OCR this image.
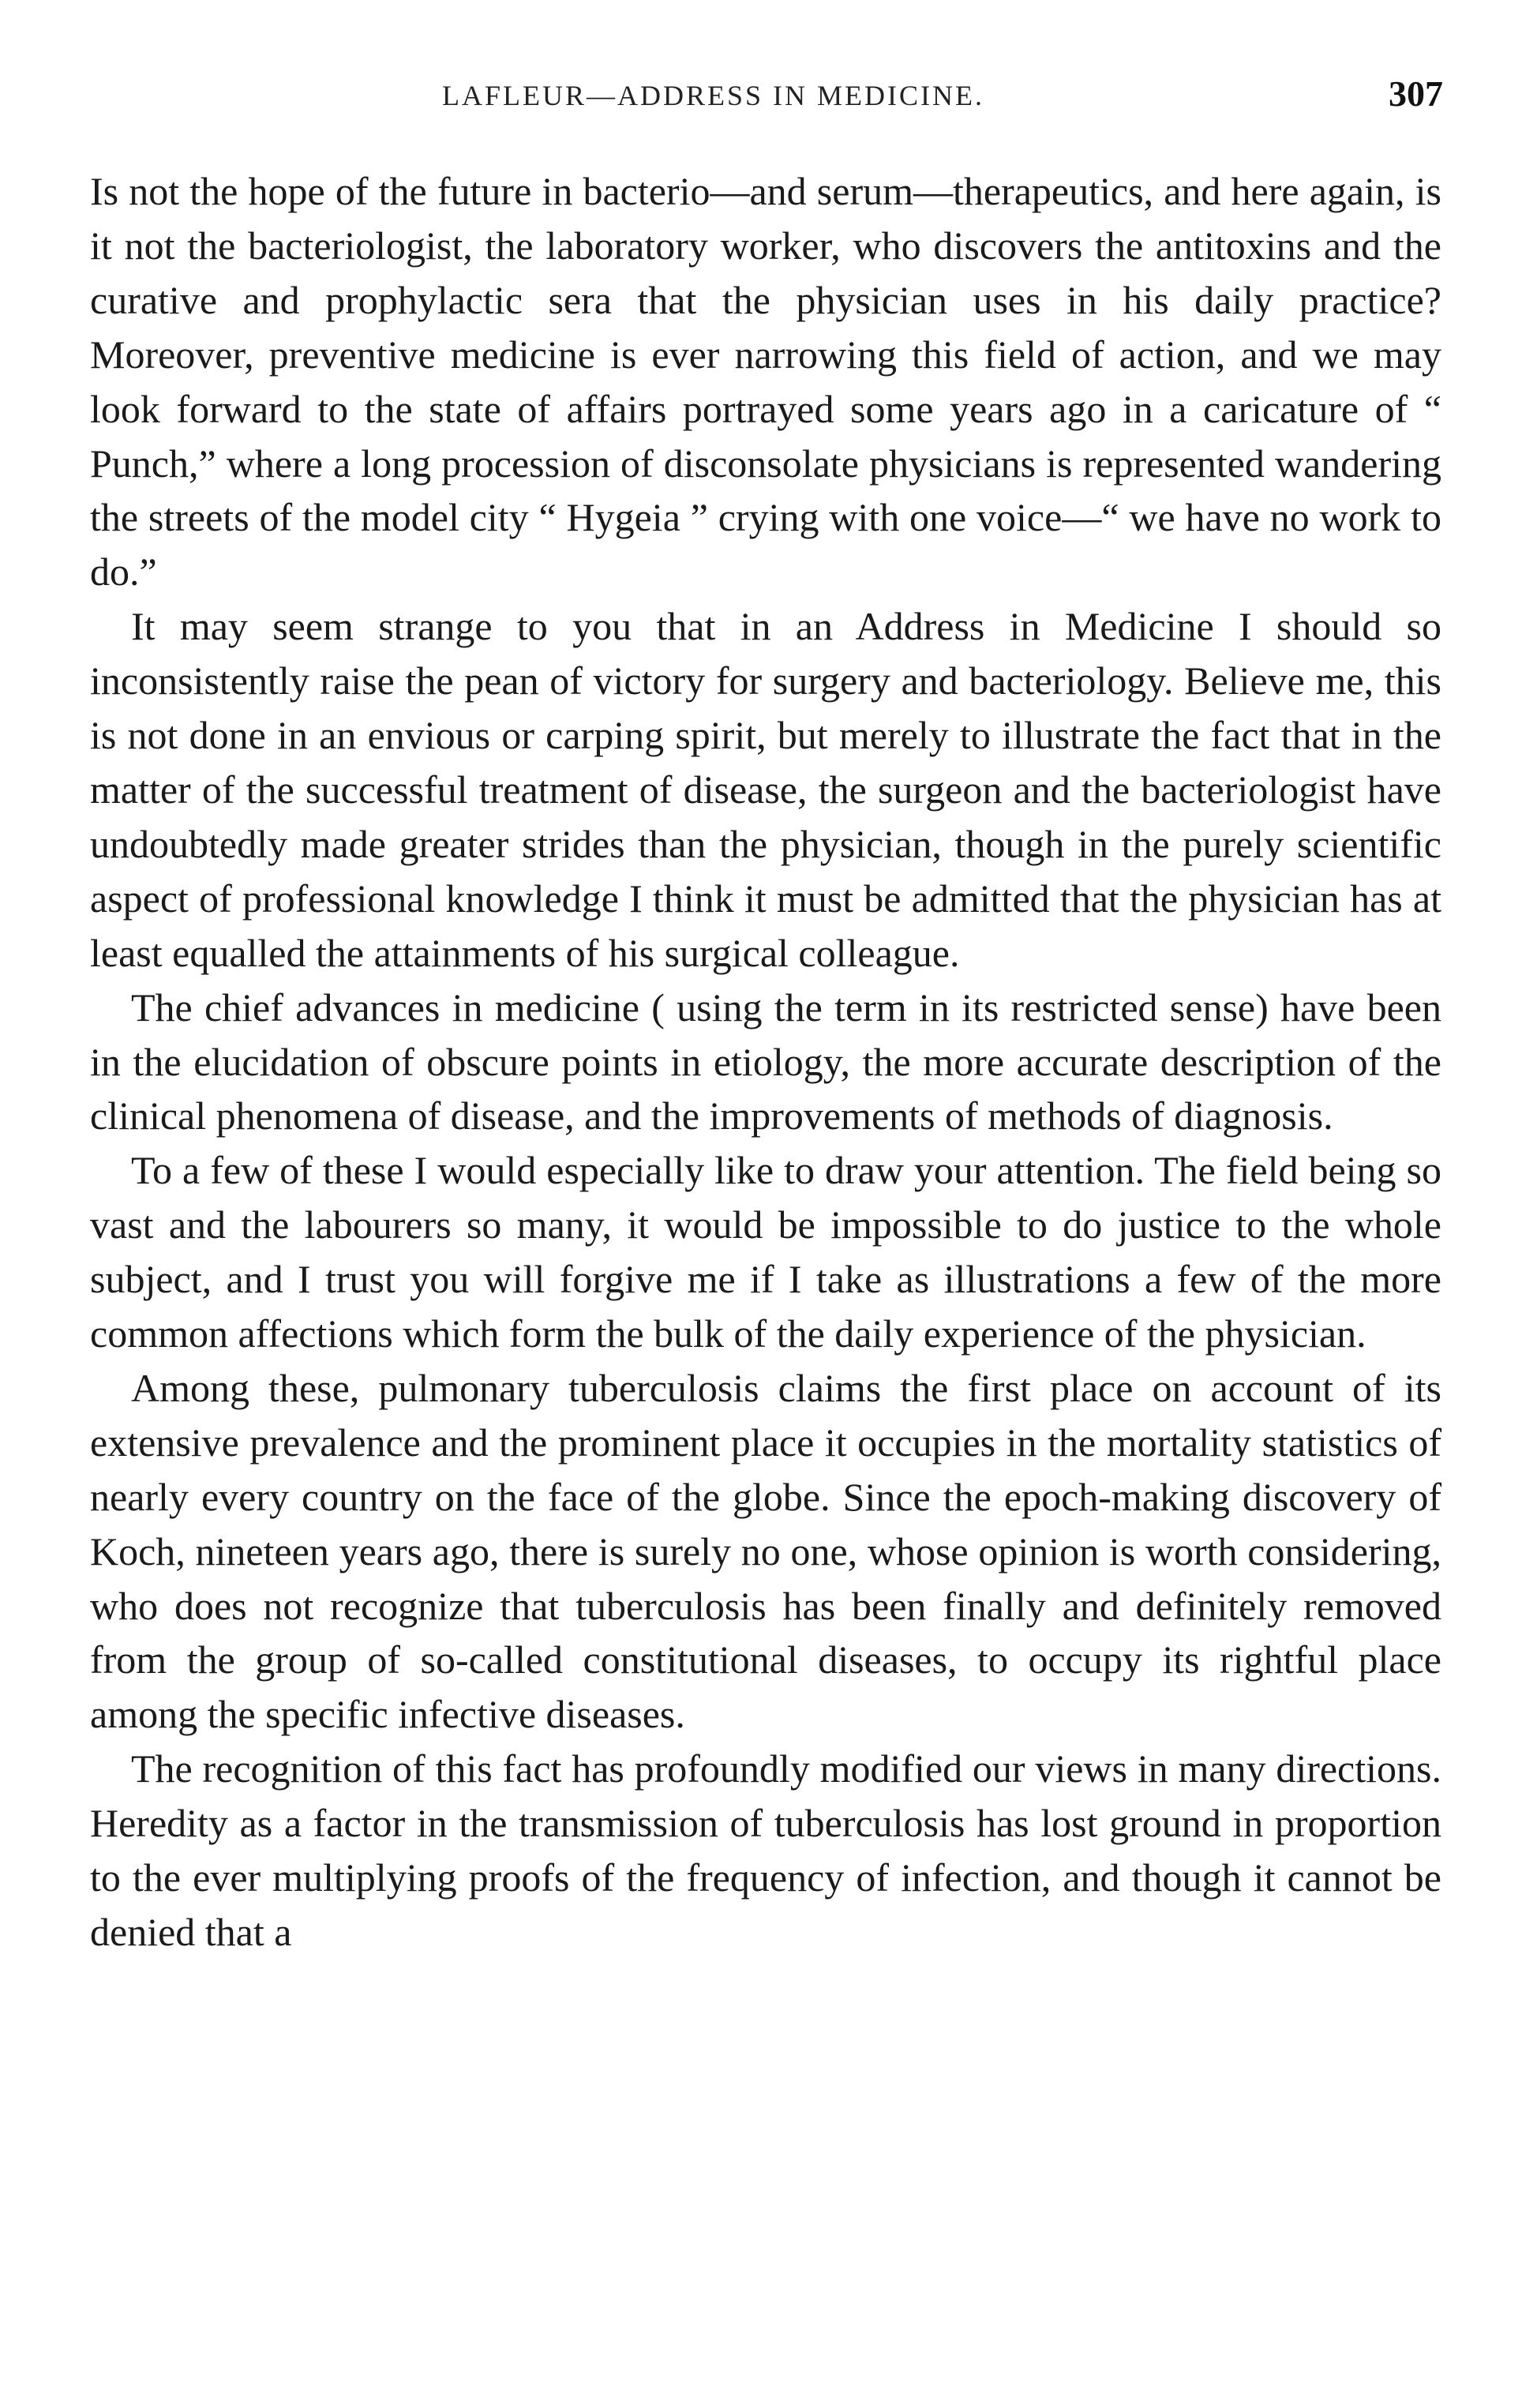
LAFLEUR—ADDRESS IN MEDICINE.	307

Is not the hope of the future in bacterio—and serum—therapeutics, and here again, is it not the bacteriologist, the laboratory worker, who discovers the antitoxins and the curative and prophylactic sera that the physician uses in his daily practice? Moreover, preventive medicine is ever narrowing this field of action, and we may look forward to the state of affairs portrayed some years ago in a caricature of “ Punch,” where a long procession of disconsolate physicians is represented wandering the streets of the model city “ Hygeia ” crying with one voice—“ we have no work to do.”

It may seem strange to you that in an Address in Medicine I should so inconsistently raise the pean of victory for surgery and bacteriology. Believe me, this is not done in an envious or carping spirit, but merely to illustrate the fact that in the matter of the successful treatment of disease, the surgeon and the bacteriologist have undoubtedly made greater strides than the physician, though in the purely scientific aspect of professional knowledge I think it must be admitted that the physician has at least equalled the attainments of his surgical colleague.

The chief advances in medicine ( using the term in its restricted sense) have been in the elucidation of obscure points in etiology, the more accurate description of the clinical phenomena of disease, and the improvements of methods of diagnosis.

To a few of these I would especially like to draw your attention. The field being so vast and the labourers so many, it would be impossible to do justice to the whole subject, and I trust you will forgive me if I take as illustrations a few of the more common affections which form the bulk of the daily experience of the physician.

Among these, pulmonary tuberculosis claims the first place on account of its extensive prevalence and the prominent place it occupies in the mortality statistics of nearly every country on the face of the globe. Since the epoch-making discovery of Koch, nineteen years ago, there is surely no one, whose opinion is worth considering, who does not recognize that tuberculosis has been finally and definitely removed from the group of so-called constitutional diseases, to occupy its rightful place among the specific infective diseases.

The recognition of this fact has profoundly modified our views in many directions. Heredity as a factor in the transmission of tuberculosis has lost ground in proportion to the ever multiplying proofs of the frequency of infection, and though it cannot be denied that a
